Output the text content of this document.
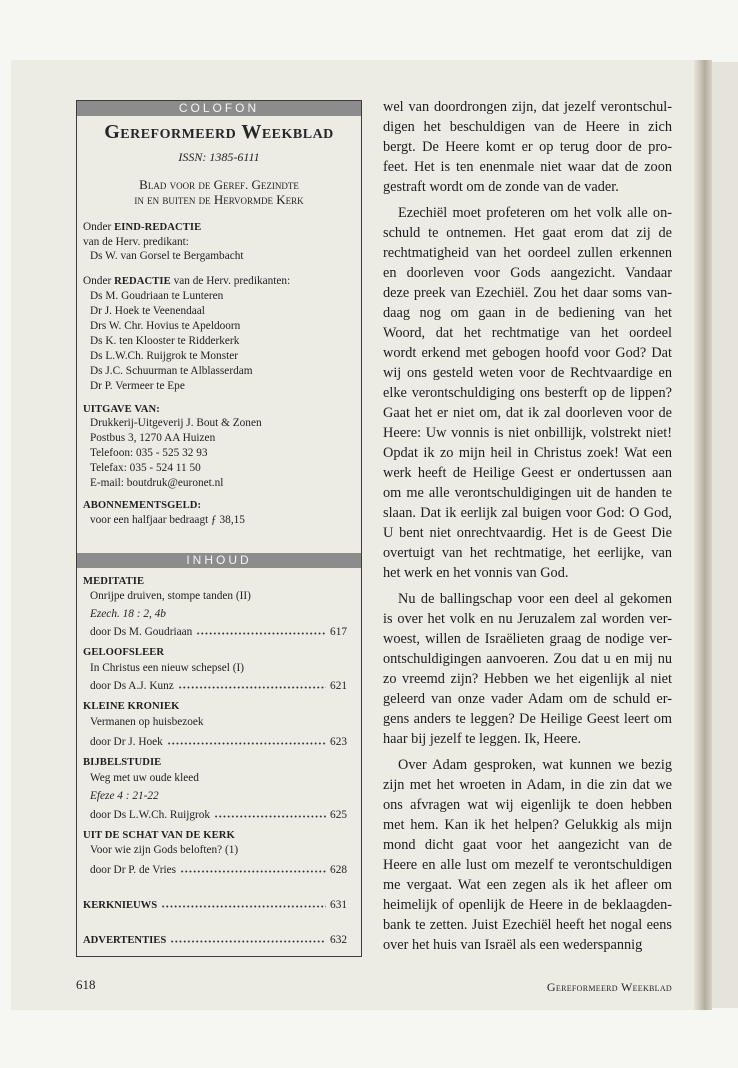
COLOFON
Gereformeerd Weekblad
ISSN: 1385-6111
Blad voor de Geref. Gezindte
in en buiten de Hervormde Kerk
Onder EIND-REDACTIE
van de Herv. predikant:
Ds W. van Gorsel te Bergambacht
Onder REDACTIE van de Herv. predikanten:
Ds M. Goudriaan te Lunteren
Dr J. Hoek te Veenendaal
Drs W. Chr. Hovius te Apeldoorn
Ds K. ten Klooster te Ridderkerk
Ds L.W.Ch. Ruijgrok te Monster
Ds J.C. Schuurman te Alblasserdam
Dr P. Vermeer te Epe
UITGAVE VAN:
Drukkerij-Uitgeverij J. Bout & Zonen
Postbus 3, 1270 AA Huizen
Telefoon: 035 - 525 32 93
Telefax: 035 - 524 11 50
E-mail: boutdruk@euronet.nl
ABONNEMENTSGELD:
voor een halfjaar bedraagt ƒ 38,15
INHOUD
MEDITATIE
Onrijpe druiven, stompe tanden (II)
Ezech. 18 : 2, 4b
door Ds M. Goudriaan	617
GELOOFSLEER
In Christus een nieuw schepsel (I)
door Ds A.J. Kunz	621
KLEINE KRONIEK
Vermanen op huisbezoek
door Dr J. Hoek	623
BIJBELSTUDIE
Weg met uw oude kleed
Efeze 4 : 21-22
door Ds L.W.Ch. Ruijgrok	625
UIT DE SCHAT VAN DE KERK
Voor wie zijn Gods beloften? (1)
door Dr P. de Vries	628
KERKNIEUWS	631
ADVERTENTIES	632
wel van doordrongen zijn, dat jezelf verontschul-
digen het beschuldigen van de Heere in zich
bergt. De Heere komt er op terug door de pro-
feet. Het is ten enenmale niet waar dat de zoon
gestraft wordt om de zonde van de vader.
Ezechiël moet profeteren om het volk alle on-
schuld te ontnemen. Het gaat erom dat zij de
rechtmatigheid van het oordeel zullen erkennen
en doorleven voor Gods aangezicht. Vandaar
deze preek van Ezechiël. Zou het daar soms van-
daag nog om gaan in de bediening van het
Woord, dat het rechtmatige van het oordeel
wordt erkend met gebogen hoofd voor God? Dat
wij ons gesteld weten voor de Rechtvaardige en
elke verontschuldiging ons besterft op de lippen?
Gaat het er niet om, dat ik zal doorleven voor de
Heere: Uw vonnis is niet onbillijk, volstrekt niet!
Opdat ik zo mijn heil in Christus zoek! Wat een
werk heeft de Heilige Geest er ondertussen aan
om me alle verontschuldigingen uit de handen te
slaan. Dat ik eerlijk zal buigen voor God: O God,
U bent niet onrechtvaardig. Het is de Geest Die
overtuigt van het rechtmatige, het eerlijke, van
het werk en het vonnis van God.
Nu de ballingschap voor een deel al gekomen
is over het volk en nu Jeruzalem zal worden ver-
woest, willen de Israëlieten graag de nodige ver-
ontschuldigingen aanvoeren. Zou dat u en mij nu
zo vreemd zijn? Hebben we het eigenlijk al niet
geleerd van onze vader Adam om de schuld er-
gens anders te leggen? De Heilige Geest leert om
haar bij jezelf te leggen. Ik, Heere.
Over Adam gesproken, wat kunnen we bezig
zijn met het wroeten in Adam, in die zin dat we
ons afvragen wat wij eigenlijk te doen hebben
met hem. Kan ik het helpen? Gelukkig als mijn
mond dicht gaat voor het aangezicht van de
Heere en alle lust om mezelf te verontschuldigen
me vergaat. Wat een zegen als ik het afleer om
heimelijk of openlijk de Heere in de beklaagden-
bank te zetten. Juist Ezechiël heeft het nogal eens
over het huis van Israël als een wederspannig
618	Gereformeerd Weekblad
